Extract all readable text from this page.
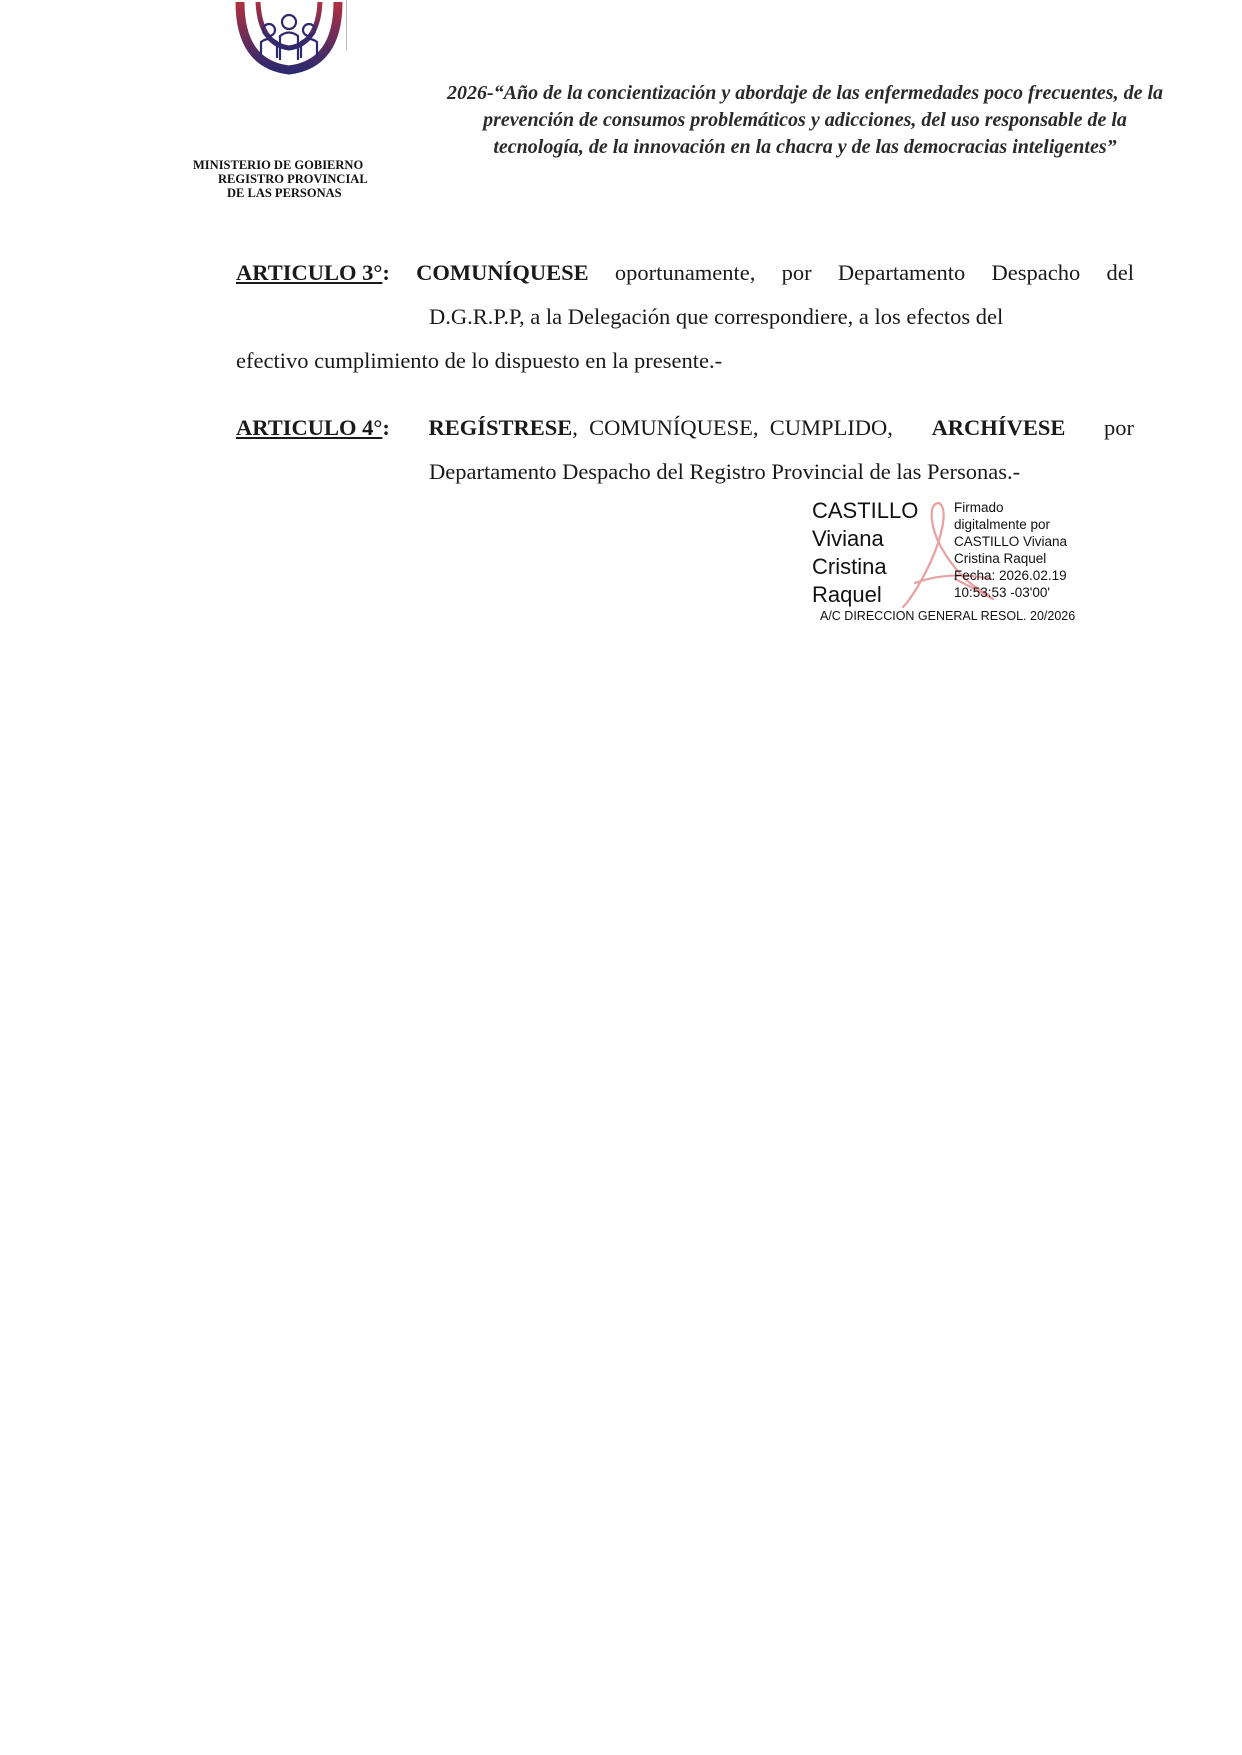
MINISTERIO DE GOBIERNO
REGISTRO PROVINCIAL
DE LAS PERSONAS
2026-“Año de la concientización y abordaje de las enfermedades poco frecuentes, de la
prevención de consumos problemáticos y adicciones, del uso responsable de la
tecnología, de la innovación en la chacra y de las democracias inteligentes”
ARTICULO 3°: COMUNÍQUESE oportunamente, por Departamento Despacho del
D.G.R.P.P, a la Delegación que correspondiere, a los efectos del
efectivo cumplimiento de lo dispuesto en la presente.-
ARTICULO 4°: REGÍSTRESE,  COMUNÍQUESE,  CUMPLIDO, ARCHÍVESE por
Departamento Despacho del Registro Provincial de las Personas.-
CASTILLO
Viviana
Cristina
Raquel
Firmado
digitalmente por
CASTILLO Viviana
Cristina Raquel
Fecha: 2026.02.19
10:53:53 -03'00'
A/C DIRECCION GENERAL RESOL. 20/2026
